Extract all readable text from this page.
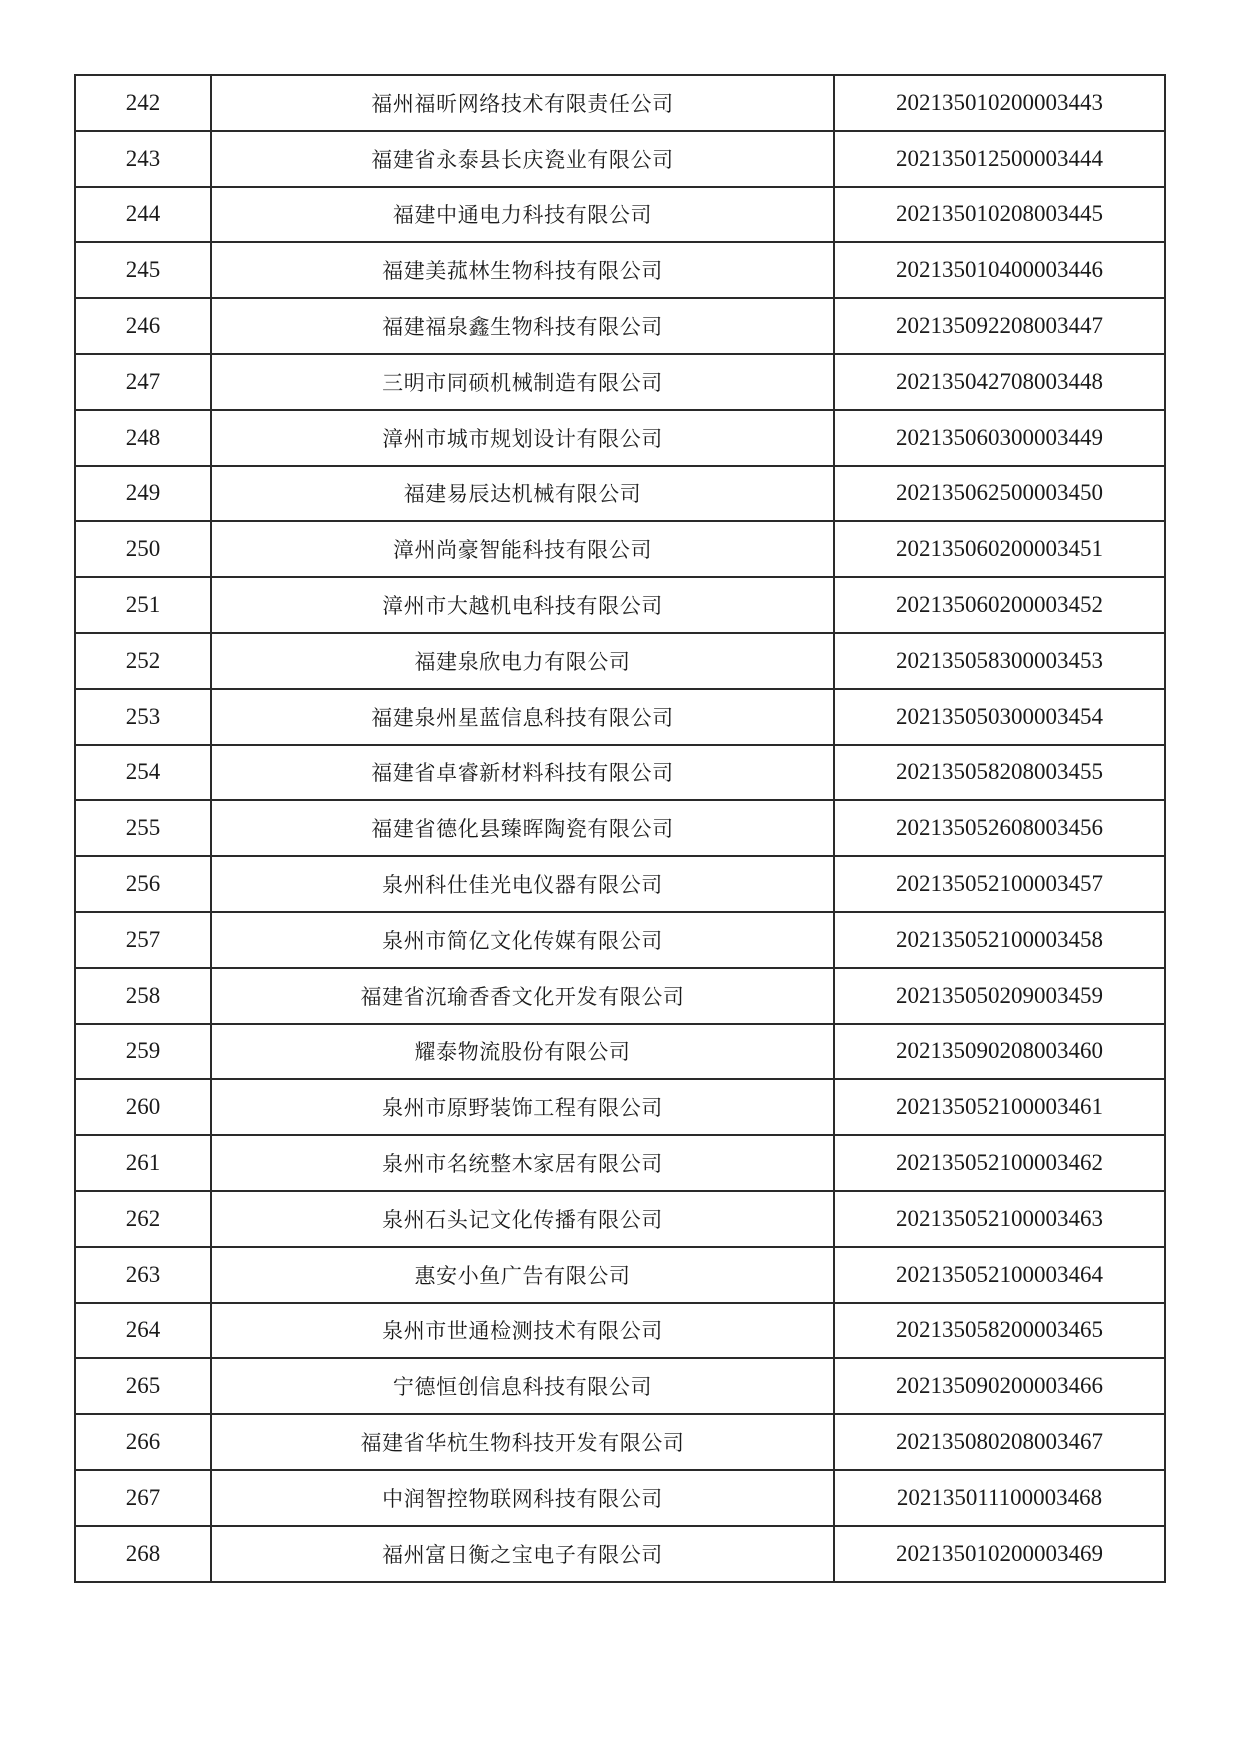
242	福州福昕网络技术有限责任公司	202135010200003443
243	福建省永泰县长庆瓷业有限公司	202135012500003444
244	福建中通电力科技有限公司	202135010208003445
245	福建美菰林生物科技有限公司	202135010400003446
246	福建福泉鑫生物科技有限公司	202135092208003447
247	三明市同硕机械制造有限公司	202135042708003448
248	漳州市城市规划设计有限公司	202135060300003449
249	福建易辰达机械有限公司	202135062500003450
250	漳州尚豪智能科技有限公司	202135060200003451
251	漳州市大越机电科技有限公司	202135060200003452
252	福建泉欣电力有限公司	202135058300003453
253	福建泉州星蓝信息科技有限公司	202135050300003454
254	福建省卓睿新材料科技有限公司	202135058208003455
255	福建省德化县臻晖陶瓷有限公司	202135052608003456
256	泉州科仕佳光电仪器有限公司	202135052100003457
257	泉州市简亿文化传媒有限公司	202135052100003458
258	福建省沉瑜香香文化开发有限公司	202135050209003459
259	耀泰物流股份有限公司	202135090208003460
260	泉州市原野装饰工程有限公司	202135052100003461
261	泉州市名统整木家居有限公司	202135052100003462
262	泉州石头记文化传播有限公司	202135052100003463
263	惠安小鱼广告有限公司	202135052100003464
264	泉州市世通检测技术有限公司	202135058200003465
265	宁德恒创信息科技有限公司	202135090200003466
266	福建省华杭生物科技开发有限公司	202135080208003467
267	中润智控物联网科技有限公司	202135011100003468
268	福州富日衡之宝电子有限公司	202135010200003469
